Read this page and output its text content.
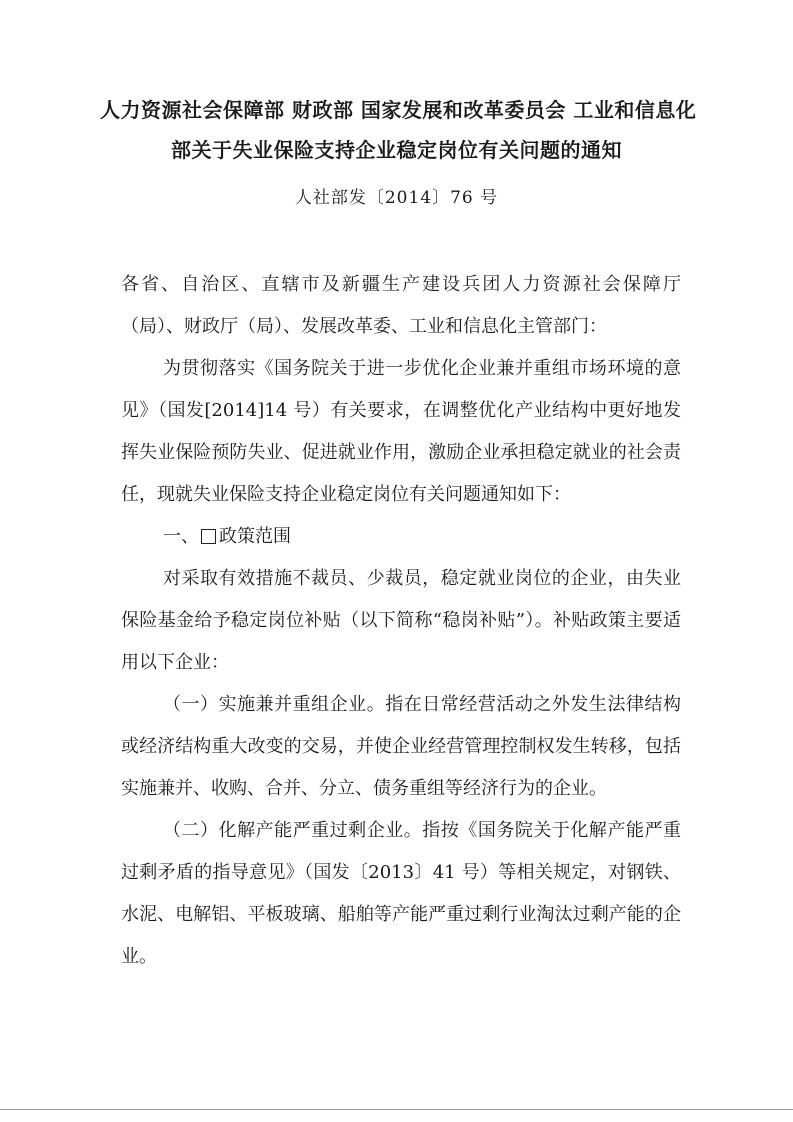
人力资源社会保障部 财政部 国家发展和改革委员会 工业和信息化
部关于失业保险支持企业稳定岗位有关问题的通知
人社部发〔2014〕76 号

各省、自治区、直辖市及新疆生产建设兵团人力资源社会保障厅（局）、财政厅（局）、发展改革委、工业和信息化主管部门：

为贯彻落实《国务院关于进一步优化企业兼并重组市场环境的意见》（国发[2014]14 号）有关要求，在调整优化产业结构中更好地发挥失业保险预防失业、促进就业作用，激励企业承担稳定就业的社会责任，现就失业保险支持企业稳定岗位有关问题通知如下：

一、 政策范围

对采取有效措施不裁员、少裁员，稳定就业岗位的企业，由失业保险基金给予稳定岗位补贴（以下简称“稳岗补贴”）。补贴政策主要适用以下企业：

（一）实施兼并重组企业。指在日常经营活动之外发生法律结构或经济结构重大改变的交易，并使企业经营管理控制权发生转移，包括实施兼并、收购、合并、分立、债务重组等经济行为的企业。

（二）化解产能严重过剩企业。指按《国务院关于化解产能严重过剩矛盾的指导意见》（国发〔2013〕41 号）等相关规定，对钢铁、水泥、电解铝、平板玻璃、船舶等产能严重过剩行业淘汰过剩产能的企业。
